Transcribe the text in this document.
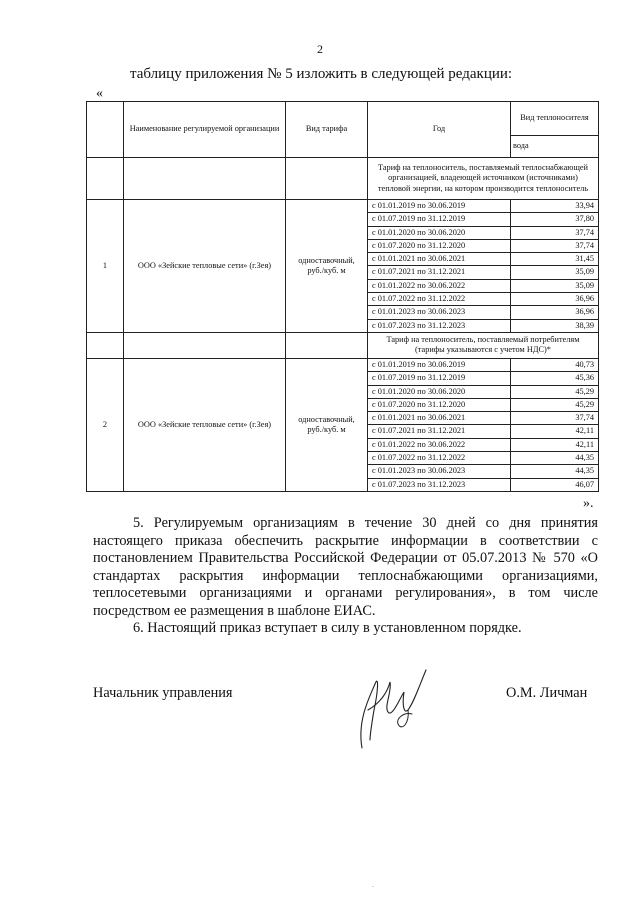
2
таблицу приложения № 5 изложить в следующей редакции:
«
	Наименование регулируемой организации	Вид тарифа	Год	Вид теплоносителя
				вода
			Тариф на теплоноситель, поставляемый теплоснабжающей организацией, владеющей источником (источниками) тепловой энергии, на котором производится теплоноситель	
1	ООО «Зейские тепловые сети» (г.Зея)	одноставочный, руб./куб. м	с 01.01.2019 по 30.06.2019	33,94
			с 01.07.2019 по 31.12.2019	37,80
			с 01.01.2020 по 30.06.2020	37,74
			с 01.07.2020 по 31.12.2020	37,74
			с 01.01.2021 по 30.06.2021	31,45
			с 01.07.2021 по 31.12.2021	35,09
			с 01.01.2022 по 30.06.2022	35,09
			с 01.07.2022 по 31.12.2022	36,96
			с 01.01.2023 по 30.06.2023	36,96
			с 01.07.2023 по 31.12.2023	38,39
			Тариф на теплоноситель, поставляемый потребителям (тарифы указываются с учетом НДС)*	
2	ООО «Зейские тепловые сети» (г.Зея)	одноставочный, руб./куб. м	с 01.01.2019 по 30.06.2019	40,73
			с 01.07.2019 по 31.12.2019	45,36
			с 01.01.2020 по 30.06.2020	45,29
			с 01.07.2020 по 31.12.2020	45,29
			с 01.01.2021 по 30.06.2021	37,74
			с 01.07.2021 по 31.12.2021	42,11
			с 01.01.2022 по 30.06.2022	42,11
			с 01.07.2022 по 31.12.2022	44,35
			с 01.01.2023 по 30.06.2023	44,35
			с 01.07.2023 по 31.12.2023	46,07
».
5. Регулируемым организациям в течение 30 дней со дня принятия настоящего приказа обеспечить раскрытие информации в соответствии с постановлением Правительства Российской Федерации от 05.07.2013 № 570 «О стандартах раскрытия информации теплоснабжающими организациями, теплосетевыми организациями и органами регулирования», в том числе посредством ее размещения в шаблоне ЕИАС.
6. Настоящий приказ вступает в силу в установленном порядке.
Начальник управления	О.М. Личман
.
